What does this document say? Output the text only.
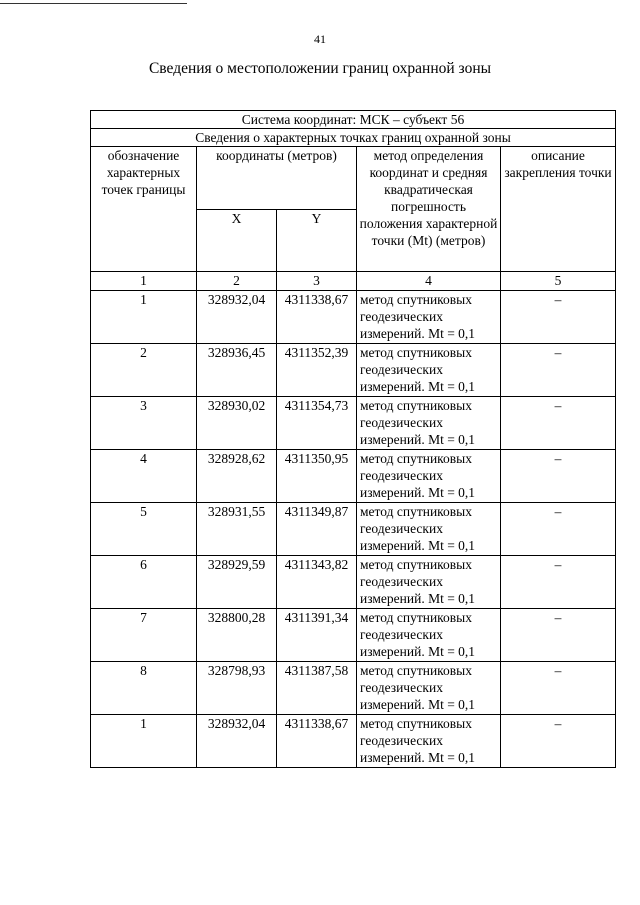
41
Сведения о местоположении границ охранной зоны
Система координат: МСК – субъект 56				
Сведения о характерных точках границ охранной зоны				
обозначение характерных точек границы	координаты (метров)		метод определения координат и средняя квадратическая погрешность положения характерной точки (Mt) (метров)	описание закрепления точки
	X	Y		
1	2	3	4	5
1	328932,04	4311338,67	метод спутниковых геодезических измерений. Mt = 0,1	–
2	328936,45	4311352,39	метод спутниковых геодезических измерений. Mt = 0,1	–
3	328930,02	4311354,73	метод спутниковых геодезических измерений. Mt = 0,1	–
4	328928,62	4311350,95	метод спутниковых геодезических измерений. Mt = 0,1	–
5	328931,55	4311349,87	метод спутниковых геодезических измерений. Mt = 0,1	–
6	328929,59	4311343,82	метод спутниковых геодезических измерений. Mt = 0,1	–
7	328800,28	4311391,34	метод спутниковых геодезических измерений. Mt = 0,1	–
8	328798,93	4311387,58	метод спутниковых геодезических измерений. Mt = 0,1	–
1	328932,04	4311338,67	метод спутниковых геодезических измерений. Mt = 0,1	–
